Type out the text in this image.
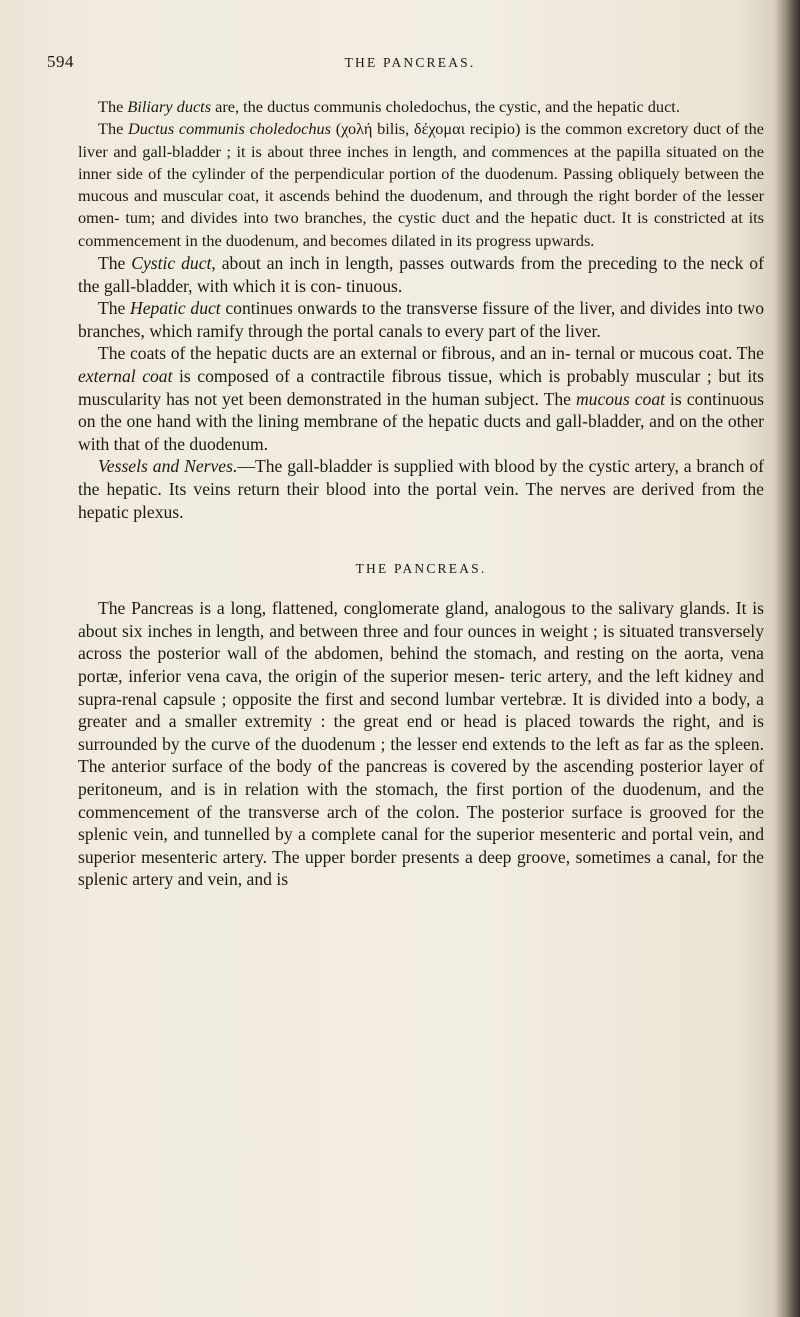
594	THE PANCREAS.

The Biliary ducts are, the ductus communis choledochus, the cystic, and the hepatic duct.

The Ductus communis choledochus (χολή bilis, δέχομαι recipio) is the common excretory duct of the liver and gall-bladder ; it is about three inches in length, and commences at the papilla situated on the inner side of the cylinder of the perpendicular portion of the duodenum. Passing obliquely between the mucous and muscular coat, it ascends behind the duodenum, and through the right border of the lesser omen- tum; and divides into two branches, the cystic duct and the hepatic duct. It is constricted at its commencement in the duodenum, and becomes dilated in its progress upwards.

The Cystic duct, about an inch in length, passes outwards from the preceding to the neck of the gall-bladder, with which it is con- tinuous.

The Hepatic duct continues onwards to the transverse fissure of the liver, and divides into two branches, which ramify through the portal canals to every part of the liver.

The coats of the hepatic ducts are an external or fibrous, and an in- ternal or mucous coat. The external coat is composed of a contractile fibrous tissue, which is probably muscular ; but its muscularity has not yet been demonstrated in the human subject. The mucous coat is continuous on the one hand with the lining membrane of the hepatic ducts and gall-bladder, and on the other with that of the duodenum.

Vessels and Nerves.—The gall-bladder is supplied with blood by the cystic artery, a branch of the hepatic. Its veins return their blood into the portal vein. The nerves are derived from the hepatic plexus.

THE PANCREAS.

The Pancreas is a long, flattened, conglomerate gland, analogous to the salivary glands. It is about six inches in length, and between three and four ounces in weight ; is situated transversely across the posterior wall of the abdomen, behind the stomach, and resting on the aorta, vena portæ, inferior vena cava, the origin of the superior mesen- teric artery, and the left kidney and supra-renal capsule ; opposite the first and second lumbar vertebræ. It is divided into a body, a greater and a smaller extremity : the great end or head is placed towards the right, and is surrounded by the curve of the duodenum ; the lesser end extends to the left as far as the spleen. The anterior surface of the body of the pancreas is covered by the ascending posterior layer of peritoneum, and is in relation with the stomach, the first portion of the duodenum, and the commencement of the transverse arch of the colon. The posterior surface is grooved for the splenic vein, and tunnelled by a complete canal for the superior mesenteric and portal vein, and superior mesenteric artery. The upper border presents a deep groove, sometimes a canal, for the splenic artery and vein, and is
